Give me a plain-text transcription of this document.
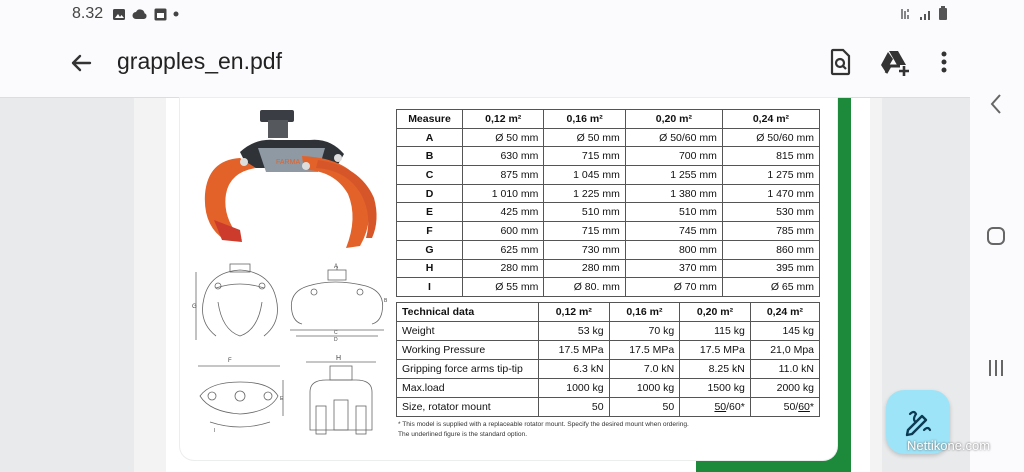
8.32
grapples_en.pdf
FARMA
G
A
C
D
B
F
E
I
H
Measure	0,12 m²	0,16 m²	0,20 m²	0,24 m²
A	Ø 50 mm	Ø 50 mm	Ø 50/60 mm	Ø 50/60 mm
B	630 mm	715 mm	700 mm	815 mm
C	875 mm	1 045 mm	1 255 mm	1 275 mm
D	1 010 mm	1 225 mm	1 380 mm	1 470 mm
E	425 mm	510 mm	510 mm	530 mm
F	600 mm	715 mm	745 mm	785 mm
G	625 mm	730 mm	800 mm	860 mm
H	280 mm	280 mm	370 mm	395 mm
I	Ø 55 mm	Ø 80. mm	Ø 70 mm	Ø 65 mm
Technical data	0,12 m²	0,16 m²	0,20 m²	0,24 m²
Weight	53 kg	70 kg	115 kg	145 kg
Working Pressure	17.5 MPa	17.5 MPa	17.5 MPa	21,0 Mpa
Gripping force arms tip-tip	6.3 kN	7.0 kN	8.25 kN	11.0 kN
Max.load	1000 kg	1000 kg	1500 kg	2000 kg
Size, rotator mount	50	50	50/60*	50/60*
* This model is supplied with a replaceable rotator mount. Specify the desired mount when ordering.
The underlined figure is the standard option.
Nettikone.com
